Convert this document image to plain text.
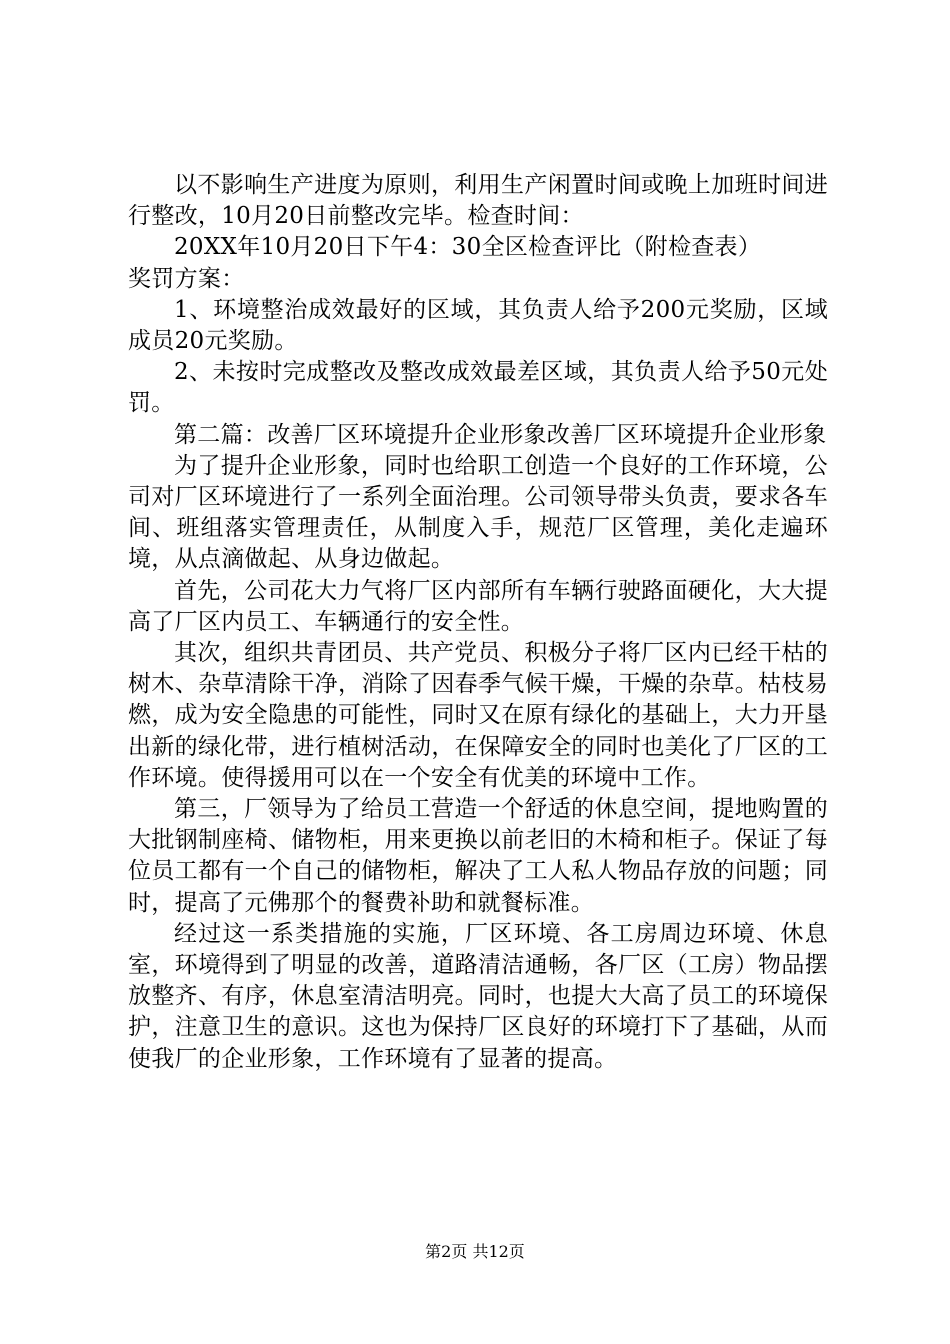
以不影响生产进度为原则，利用生产闲置时间或晚上加班时间进行整改，10月20日前整改完毕。检查时间：

20XX年10月20日下午4：30全区检查评比（附检查表）

奖罚方案：

1、环境整治成效最好的区域，其负责人给予200元奖励，区域成员20元奖励。

2、未按时完成整改及整改成效最差区域，其负责人给予50元处罚。

第二篇：改善厂区环境提升企业形象改善厂区环境提升企业形象

为了提升企业形象，同时也给职工创造一个良好的工作环境，公司对厂区环境进行了一系列全面治理。公司领导带头负责，要求各车间、班组落实管理责任，从制度入手，规范厂区管理，美化走遍环境，从点滴做起、从身边做起。

首先，公司花大力气将厂区内部所有车辆行驶路面硬化，大大提高了厂区内员工、车辆通行的安全性。

其次，组织共青团员、共产党员、积极分子将厂区内已经干枯的树木、杂草清除干净，消除了因春季气候干燥，干燥的杂草。枯枝易燃，成为安全隐患的可能性，同时又在原有绿化的基础上，大力开垦出新的绿化带，进行植树活动，在保障安全的同时也美化了厂区的工作环境。使得援用可以在一个安全有优美的环境中工作。

第三，厂领导为了给员工营造一个舒适的休息空间，提地购置的大批钢制座椅、储物柜，用来更换以前老旧的木椅和柜子。保证了每位员工都有一个自己的储物柜，解决了工人私人物品存放的问题；同时，提高了元佛那个的餐费补助和就餐标准。

经过这一系类措施的实施，厂区环境、各工房周边环境、休息室，环境得到了明显的改善，道路清洁通畅，各厂区（工房）物品摆放整齐、有序，休息室清洁明亮。同时，也提大大高了员工的环境保护，注意卫生的意识。这也为保持厂区良好的环境打下了基础，从而使我厂的企业形象，工作环境有了显著的提高。

第2页 共12页
